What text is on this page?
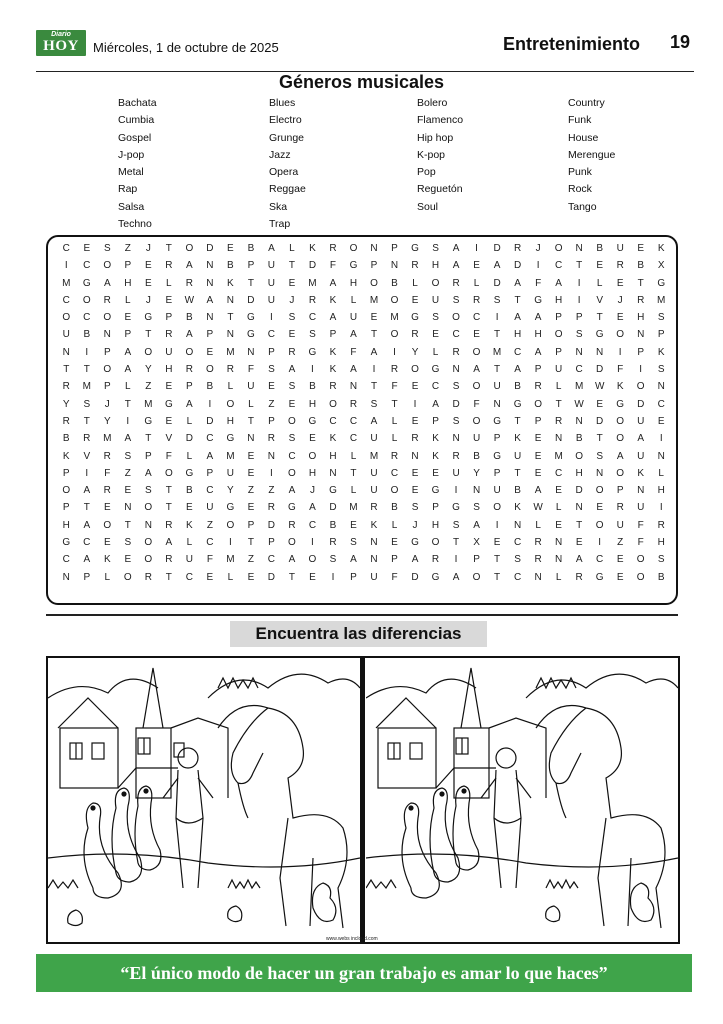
Diario
HOY	Miércoles, 1 de octubre de 2025	Entretenimiento 19
Géneros musicales
Bachata
Cumbia
Gospel
J-pop
Metal
Rap
Salsa
Techno
Blues
Electro
Grunge
Jazz
Opera
Reggae
Ska
Trap
Bolero
Flamenco
Hip hop
K-pop
Pop
Reguetón
Soul
Country
Funk
House
Merengue
Punk
Rock
Tango
C	E	S	Z	J	T	O	D	E	B	A	L	K	R	O	N	P	G	S	A	I	D	R	J	O	N	B	U	E	K
I	C	O	P	E	R	A	N	B	P	U	T	D	F	G	P	N	R	H	A	E	A	D	I	C	T	E	R	B	X
M	G	A	H	E	L	R	N	K	T	U	E	M	A	H	O	B	L	O	R	L	D	A	F	A	I	L	E	T	G
C	O	R	L	J	E	W	A	N	D	U	J	R	K	L	M	O	E	U	S	R	S	T	G	H	I	V	J	R	M
O	C	O	E	G	P	B	N	T	G	I	S	C	A	U	E	M	G	S	O	C	I	A	A	P	P	T	E	H	S
U	B	N	P	T	R	A	P	N	G	C	E	S	P	A	T	O	R	E	C	E	T	H	H	O	S	G	O	N	P
N	I	P	A	O	U	O	E	M	N	P	R	G	K	F	A	I	Y	L	R	O	M	C	A	P	N	N	I	P	K
T	T	O	A	Y	H	R	O	R	F	S	A	I	K	A	I	R	O	G	N	A	T	A	P	U	C	D	F	I	S
R	M	P	L	Z	E	P	B	L	U	E	S	B	R	N	T	F	E	C	S	O	U	B	R	L	M	W	K	O	N
Y	S	J	T	M	G	A	I	O	L	Z	E	H	O	R	S	T	I	A	D	F	N	G	O	T	W	E	G	D	C
R	T	Y	I	G	E	L	D	H	T	P	O	G	C	C	A	L	E	P	S	O	G	T	P	R	N	D	O	U	E
B	R	M	A	T	V	D	C	G	N	R	S	E	K	C	U	L	R	K	N	U	P	K	E	N	B	T	O	A	I
K	V	R	S	P	F	L	A	M	E	N	C	O	H	L	M	R	N	K	R	B	G	U	E	M	O	S	A	U	N
P	I	F	Z	A	O	G	P	U	E	I	O	H	N	T	U	C	E	E	U	Y	P	T	E	C	H	N	O	K	L
O	A	R	E	S	T	B	C	Y	Z	Z	A	J	G	L	U	O	E	G	I	N	U	B	A	E	D	O	P	N	H
P	T	E	N	O	T	E	U	G	E	R	G	A	D	M	R	B	S	P	G	S	O	K	W	L	N	E	R	U	I
H	A	O	T	N	R	K	Z	O	P	D	R	C	B	E	K	L	J	H	S	A	I	N	L	E	T	O	U	F	R
G	C	E	S	O	A	L	C	I	T	P	O	I	R	S	N	E	G	O	T	X	E	C	R	N	E	I	Z	F	H
C	A	K	E	O	R	U	F	M	Z	C	A	O	S	A	N	P	A	R	I	P	T	S	R	N	A	C	E	O	S
N	P	L	O	R	T	C	E	L	E	D	T	E	I	P	U	F	D	G	A	O	T	C	N	L	R	G	E	O	B
Encuentra las diferencias
www.webs incloud.com
“El único modo de hacer un gran trabajo es amar lo que haces”
